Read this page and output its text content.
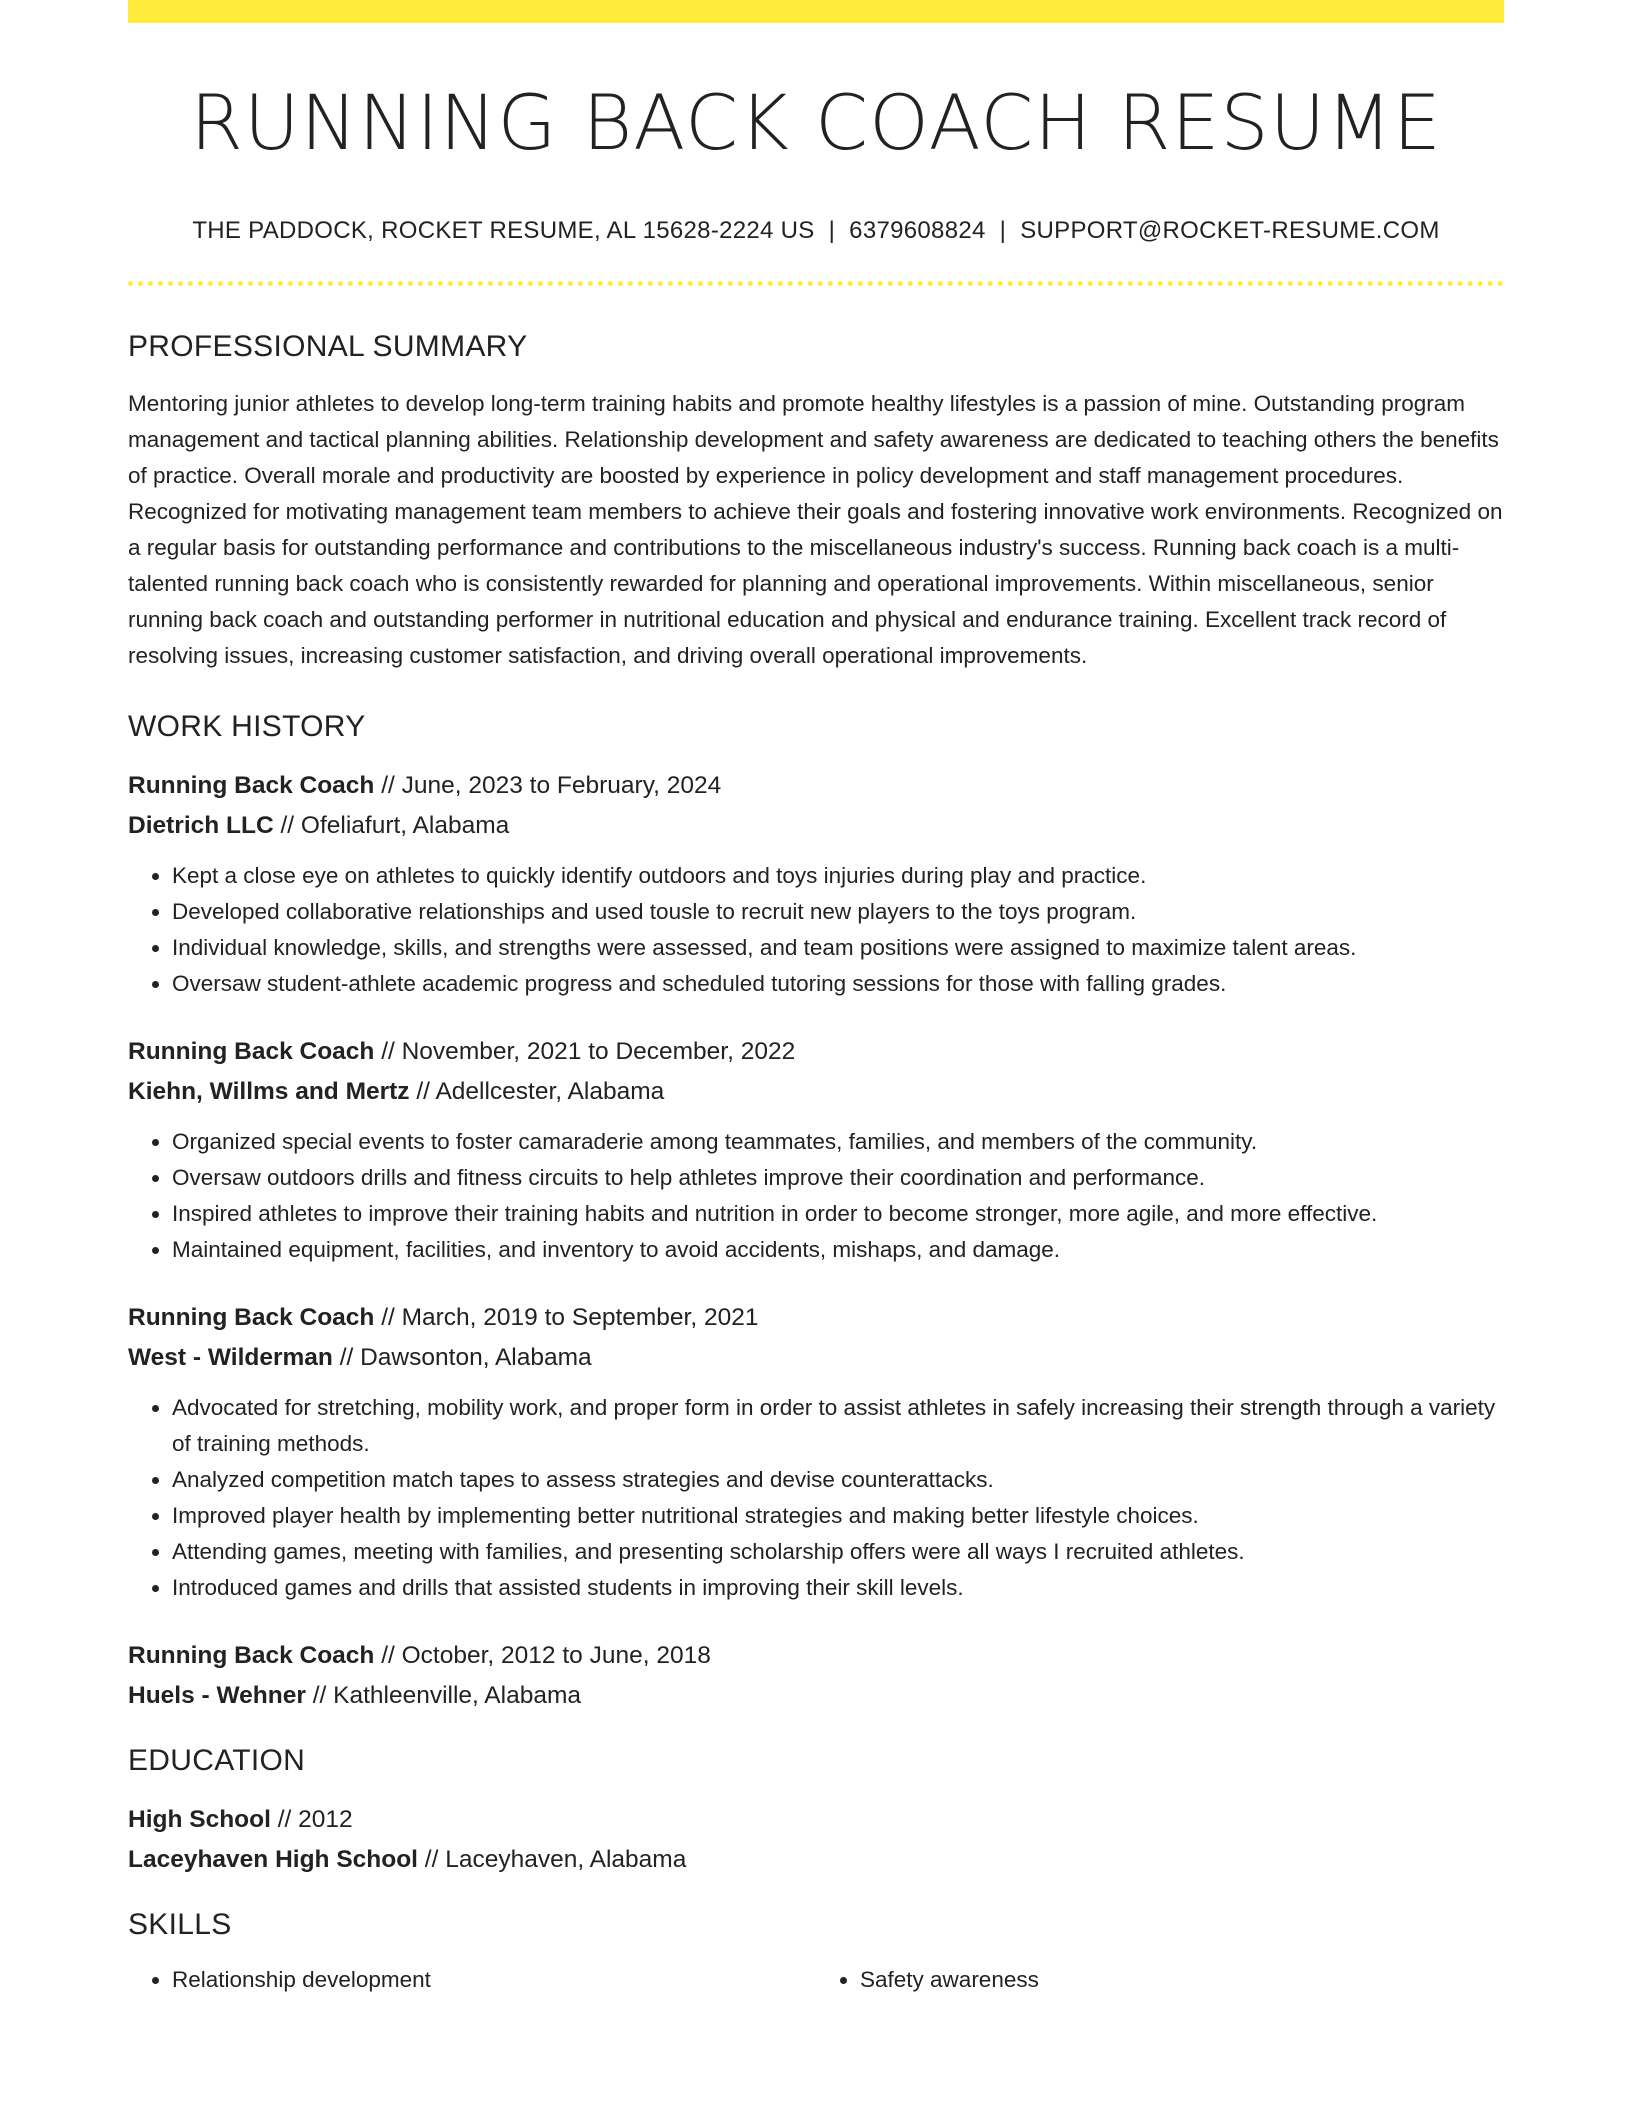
RUNNING BACK COACH RESUME
THE PADDOCK, ROCKET RESUME, AL 15628-2224 US | 6379608824 | SUPPORT@ROCKET-RESUME.COM
PROFESSIONAL SUMMARY

Mentoring junior athletes to develop long-term training habits and promote healthy lifestyles is a passion of mine. Outstanding program management and tactical planning abilities. Relationship development and safety awareness are dedicated to teaching others the benefits of practice. Overall morale and productivity are boosted by experience in policy development and staff management procedures. Recognized for motivating management team members to achieve their goals and fostering innovative work environments. Recognized on a regular basis for outstanding performance and contributions to the miscellaneous industry's success. Running back coach is a multi-talented running back coach who is consistently rewarded for planning and operational improvements. Within miscellaneous, senior running back coach and outstanding performer in nutritional education and physical and endurance training. Excellent track record of resolving issues, increasing customer satisfaction, and driving overall operational improvements.

WORK HISTORY
Running Back Coach // June, 2023 to February, 2024
Dietrich LLC // Ofeliafurt, Alabama
• Kept a close eye on athletes to quickly identify outdoors and toys injuries during play and practice.
• Developed collaborative relationships and used tousle to recruit new players to the toys program.
• Individual knowledge, skills, and strengths were assessed, and team positions were assigned to maximize talent areas.
• Oversaw student-athlete academic progress and scheduled tutoring sessions for those with falling grades.
Running Back Coach // November, 2021 to December, 2022
Kiehn, Willms and Mertz // Adellcester, Alabama
• Organized special events to foster camaraderie among teammates, families, and members of the community.
• Oversaw outdoors drills and fitness circuits to help athletes improve their coordination and performance.
• Inspired athletes to improve their training habits and nutrition in order to become stronger, more agile, and more effective.
• Maintained equipment, facilities, and inventory to avoid accidents, mishaps, and damage.
Running Back Coach // March, 2019 to September, 2021
West - Wilderman // Dawsonton, Alabama
• Advocated for stretching, mobility work, and proper form in order to assist athletes in safely increasing their strength through a variety of training methods.
• Analyzed competition match tapes to assess strategies and devise counterattacks.
• Improved player health by implementing better nutritional strategies and making better lifestyle choices.
• Attending games, meeting with families, and presenting scholarship offers were all ways I recruited athletes.
• Introduced games and drills that assisted students in improving their skill levels.
Running Back Coach // October, 2012 to June, 2018
Huels - Wehner // Kathleenville, Alabama
EDUCATION
High School // 2012
Laceyhaven High School // Laceyhaven, Alabama
SKILLS
• Relationship development
•	Safety awareness
